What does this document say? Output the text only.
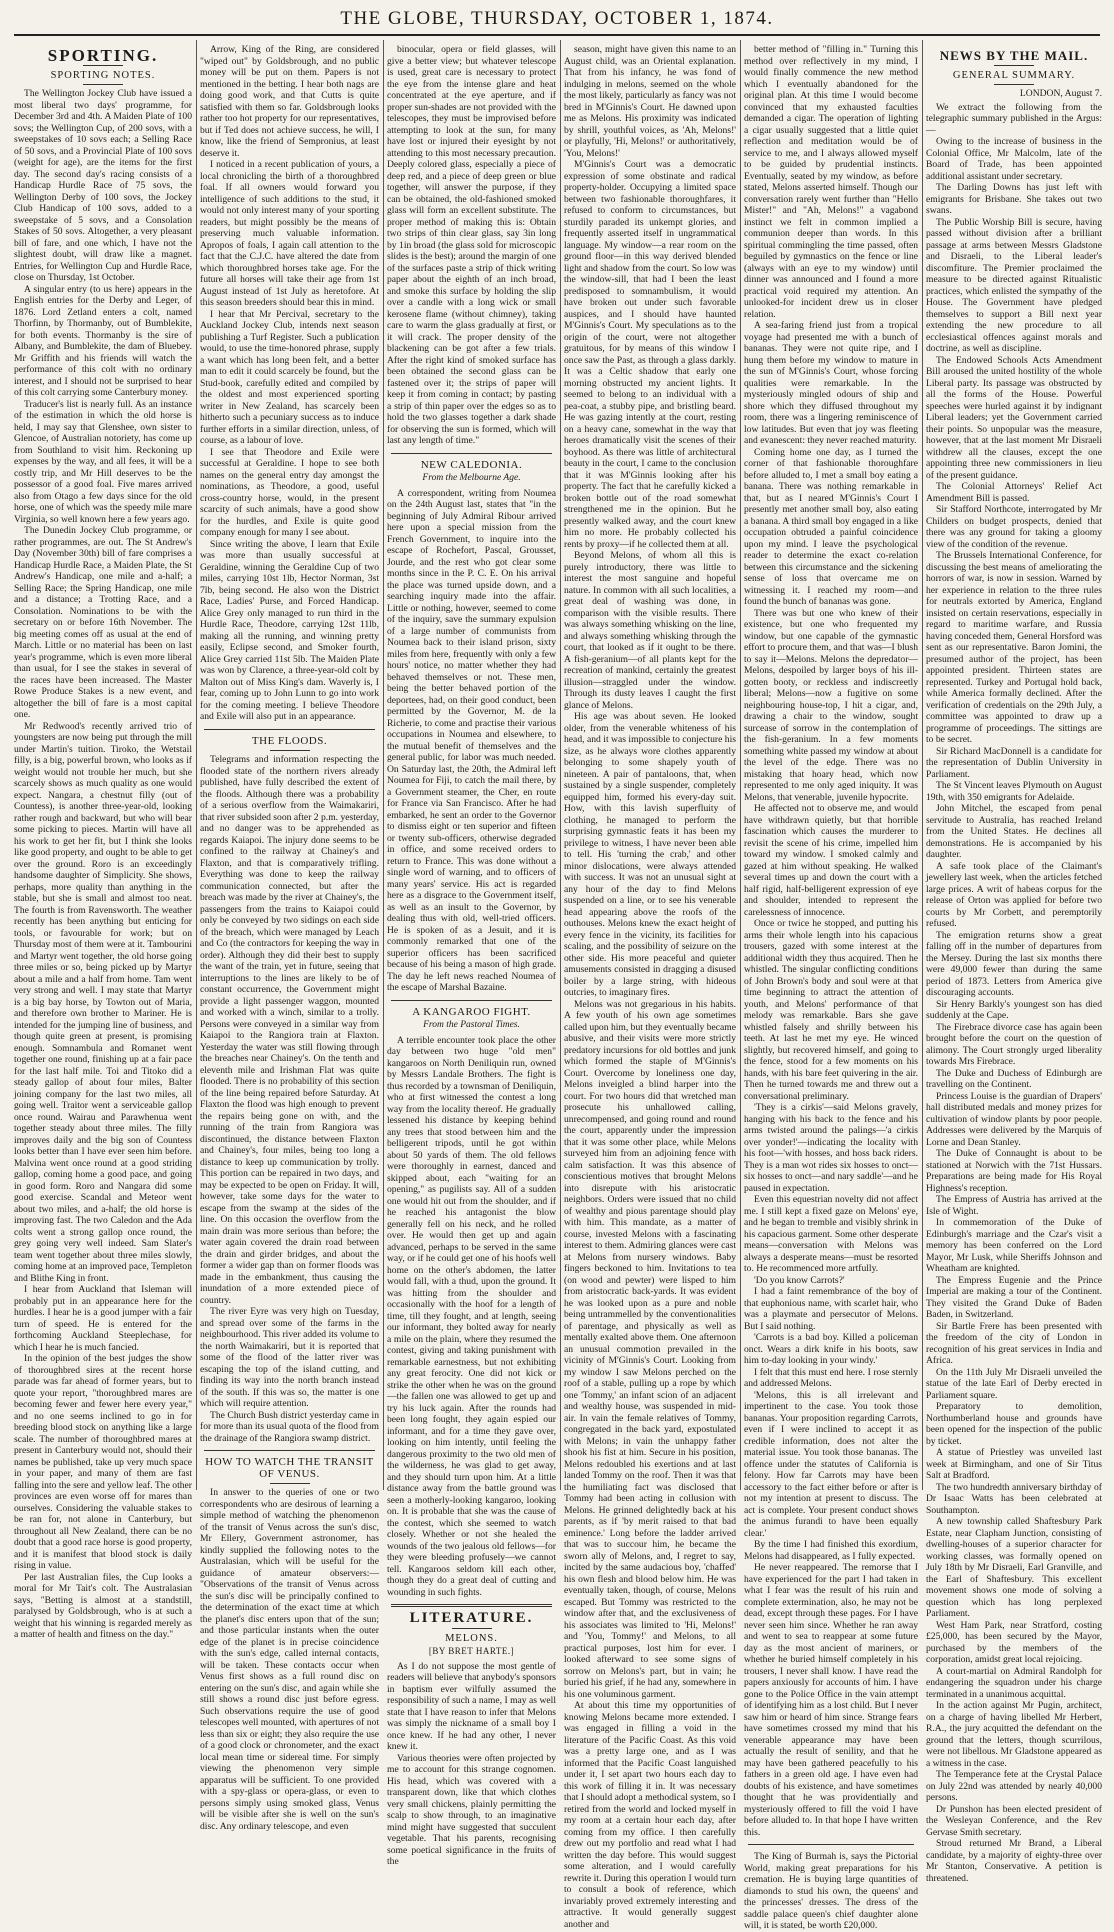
THE GLOBE, THURSDAY, OCTOBER 1, 1874.
SPORTING.
SPORTING NOTES.

The Wellington Jockey Club have issued a most liberal two days' programme, for December 3rd and 4th. A Maiden Plate of 100 sovs; the Wellington Cup, of 200 sovs, with a sweepstakes of 10 sovs each; a Selling Race of 50 sovs, and a Provincial Plate of 100 sovs (weight for age), are the items for the first day. The second day's racing consists of a Handicap Hurdle Race of 75 sovs, the Wellington Derby of 100 sovs, the Jockey Club Handicap of 100 sovs, added to a sweepstake of 5 sovs, and a Consolation Stakes of 50 sovs. Altogether, a very pleasant bill of fare, and one which, I have not the slightest doubt, will draw like a magnet. Entries, for Wellington Cup and Hurdle Race, close on Thursday, 1st October.

A singular entry (to us here) appears in the English entries for the Derby and Leger, of 1876. Lord Zetland enters a colt, named Thorfinn, by Thormanby, out of Bumblekite, for both events. Thormanby is the sire of Albany, and Bumblekite, the dam of Bluebey. Mr Griffith and his friends will watch the performance of this colt with no ordinary interest, and I should not be surprised to hear of this colt carrying some Canterbury money.

Traducer's list is nearly full. As an instance of the estimation in which the old horse is held, I may say that Glenshee, own sister to Glencoe, of Australian notoriety, has come up from Southland to visit him. Reckoning up expenses by the way, and all fees, it will be a costly trip, and Mr Hill deserves to be the possessor of a good foal. Five mares arrived also from Otago a few days since for the old horse, one of which was the speedy mile mare Virginia, so well known here a few years ago.

The Dunedin Jockey Club programme, or rather programmes, are out. The St Andrew's Day (November 30th) bill of fare comprises a Handicap Hurdle Race, a Maiden Plate, the St Andrew's Handicap, one mile and a-half; a Selling Race; the Spring Handicap, one mile and a distance; a Trotting Race, and a Consolation. Nominations to be with the secretary on or before 16th November. The big meeting comes off as usual at the end of March. Little or no material has been on last year's programme, which is even more liberal than usual, for I see the stakes in several of the races have been increased. The Master Rowe Produce Stakes is a new event, and altogether the bill of fare is a most capital one.

Mr Redwood's recently arrived trio of youngsters are now being put through the mill under Martin's tuition. Tiroko, the Wetstail filly, is a big, powerful brown, who looks as if weight would not trouble her much, but she scarcely shows as much quality as one would expect. Nangara, a chestnut filly (out of Countess), is another three-year-old, looking rather rough and backward, but who will bear some picking to pieces. Martin will have all his work to get her fit, but I think she looks like good property, and ought to be able to get over the ground. Roro is an exceedingly handsome daughter of Simplicity. She shows, perhaps, more quality than anything in the stable, but she is small and almost too neat. The fourth is from Ravensworth. The weather recently has been anything but enticing for tools, or favourable for work; but on Thursday most of them were at it. Tambourini and Martyr went together, the old horse going three miles or so, being picked up by Martyr about a mile and a half from home. Tam went very strong and well. I may state that Martyr is a big bay horse, by Towton out of Maria, and therefore own brother to Mariner. He is intended for the jumping line of business, and though quite green at present, is promising enough. Somnambula and Romanet went together one round, finishing up at a fair pace for the last half mile. Toi and Titoko did a steady gallop of about four miles, Balter joining company for the last two miles, all going well. Traitor went a serviceable gallop once round. Wairau and Parawhenua went together steady about three miles. The filly improves daily and the big son of Countess looks better than I have ever seen him before. Malvina went once round at a good striding gallop, coming home a good pace, and going in good form. Roro and Nangara did some good exercise. Scandal and Meteor went about two miles, and a-half; the old horse is improving fast. The two Caledon and the Ada colts went a strong gallop once round, the grey going very well indeed. Sam Slater's team went together about three miles slowly, coming home at an improved pace, Templeton and Blithe King in front.

I hear from Auckland that Isleman will probably put in an appearance here for the hurdles. I hear he is a good jumper with a fair turn of speed. He is entered for the forthcoming Auckland Steeplechase, for which I hear he is much fancied.

In the opinion of the best judges the show of thoroughbred sires at the recent horse parade was far ahead of former years, but to quote your report, "thoroughbred mares are becoming fewer and fewer here every year," and no one seems inclined to go in for breeding blood stock on anything like a large scale. The number of thoroughbred mares at present in Canterbury would not, should their names be published, take up very much space in your paper, and many of them are fast falling into the sere and yellow leaf. The other provinces are even worse off for mares than ourselves. Considering the valuable stakes to be ran for, not alone in Canterbury, but throughout all New Zealand, there can be no doubt that a good race horse is good property, and it is manifest that blood stock is daily rising in value.

Per last Australian files, the Cup looks a moral for Mr Tait's colt. The Australasian says, "Betting is almost at a standstill, paralysed by Goldsbrough, who is at such a weight that his winning is regarded merely as a matter of health and fitness on the day."

Arrow, King of the Ring, are considered "wiped out" by Goldsbrough, and no public money will be put on them. Papers is not mentioned in the betting. I hear both nags are doing good work, and that Cutts is quite satisfied with them so far. Goldsbrough looks rather too hot property for our representatives, but if Ted does not achieve success, he will, I know, like the friend of Sempronius, at least deserve it.

I noticed in a recent publication of yours, a local chronicling the birth of a thoroughbred foal. If all owners would forward you intelligence of such additions to the stud, it would not only interest many of your sporting readers, but might possibly be the means of preserving much valuable information. Apropos of foals, I again call attention to the fact that the C.J.C. have altered the date from which thoroughbred horses take age. For the future all horses will take their age from 1st August instead of 1st July as heretofore. At this season breeders should bear this in mind.

I hear that Mr Percival, secretary to the Auckland Jockey Club, intends next season publishing a Turf Register. Such a publication would, to use the time-honored phrase, supply a want which has long been felt, and a better man to edit it could scarcely be found, but the Stud-book, carefully edited and compiled by the oldest and most experienced sporting writer in New Zealand, has scarcely been hitherto such a pecuniary success as to induce further efforts in a similar direction, unless, of course, as a labour of love.

I see that Theodore and Exile were successful at Geraldine. I hope to see both names on the general entry day amongst the nominations, as Theodore, a good, useful cross-country horse, would, in the present scarcity of such animals, have a good show for the hurdles, and Exile is quite good company enough for many I see about.

Since writing the above, I learn that Exile was more than usually successful at Geraldine, winning the Geraldine Cup of two miles, carrying 10st 1lb, Hector Norman, 3st 7lb, being second. He also won the District Race, Ladies' Purse, and Forced Handicap. Alice Grey only managed to run third in the Hurdle Race, Theodore, carrying 12st 11lb, making all the running, and winning pretty easily, Eclipse second, and Smoker fourth, Alice Grey carried 11st 5lb. The Maiden Plate was won by Clarence, a three-year-old colt by Malton out of Miss King's dam. Waverly is, I fear, coming up to John Lunn to go into work for the coming meeting. I believe Theodore and Exile will also put in an appearance.

THE FLOODS.

Telegrams and information respecting the flooded state of the northern rivers already published, have fully described the extent of the floods. Although there was a probability of a serious overflow from the Waimakariri, that river subsided soon after 2 p.m. yesterday, and no danger was to be apprehended as regards Kaiapoi. The injury done seems to be confined to the railway at Chainey's and Flaxton, and that is comparatively trifling. Everything was done to keep the railway communication connected, but after the breach was made by the river at Chainey's, the passengers from the trains to Kaiapoi could only be conveyed by two sidings on each side of the breach, which were managed by Leach and Co (the contractors for keeping the way in order). Although they did their best to supply the want of the train, yet in future, seeing that interruptions to the lines are likely to be of constant occurrence, the Government might provide a light passenger waggon, mounted and worked with a winch, similar to a trolly. Persons were conveyed in a similar way from Kaiapoi to the Rangiora train at Flaxton. Yesterday the water was still flowing through the breaches near Chainey's. On the tenth and eleventh mile and Irishman Flat was quite flooded. There is no probability of this section of the line being repaired before Saturday. At Flaxton the flood was high enough to prevent the repairs being gone on with, and the running of the train from Rangiora was discontinued, the distance between Flaxton and Chainey's, four miles, being too long a distance to keep up communication by trolly. This portion can be repaired in two days, and may be expected to be open on Friday. It will, however, take some days for the water to escape from the swamp at the sides of the line. On this occasion the overflow from the main drain was more serious than before; the water again covered the drain road between the drain and girder bridges, and about the former a wider gap than on former floods was made in the embankment, thus causing the inundation of a more extended piece of country.

The river Eyre was very high on Tuesday, and spread over some of the farms in the neighbourhood. This river added its volume to the north Waimakariri, but it is reported that some of the flood of the latter river was escaping the top of the island cutting, and finding its way into the north branch instead of the south. If this was so, the matter is one which will require attention.

The Church Bush district yesterday came in for more than its usual quota of the flood from the drainage of the Rangiora swamp district.

HOW TO WATCH THE TRANSIT OF VENUS.

In answer to the queries of one or two correspondents who are desirous of learning a simple method of watching the phenomenon of the transit of Venus across the sun's disc, Mr Ellery, Government astronomer, has kindly supplied the following notes to the Australasian, which will be useful for the guidance of amateur observers:— "Observations of the transit of Venus across the sun's disc will be principally confined to the determination of the exact time at which the planet's disc enters upon that of the sun; and those particular instants when the outer edge of the planet is in precise coincidence with the sun's edge, called internal contacts, will be taken. These contacts occur when Venus first shows as a full round disc on entering on the sun's disc, and again while she still shows a round disc just before egress. Such observations require the use of good telescopes well mounted, with apertures of not less than six or eight; they also require the use of a good clock or chronometer, and the exact local mean time or sidereal time. For simply viewing the phenomenon very simple apparatus will be sufficient. To one provided with a spy-glass or opera-glass, or even to persons simply using smoked glass, Venus will be visible after she is well on the sun's disc. Any ordinary telescope, and even

binocular, opera or field glasses, will give a better view; but whatever telescope is used, great care is necessary to protect the eye from the intense glare and heat concentrated at the eye aperture, and if proper sun-shades are not provided with the telescopes, they must be improvised before attempting to look at the sun, for many have lost or injured their eyesight by not attending to this most necessary precaution. Deeply colored glass, especially a piece of deep red, and a piece of deep green or blue together, will answer the purpose, if they can be obtained, the old-fashioned smoked glass will form an excellent substitute. The proper method of making this is: Obtain two strips of thin clear glass, say 3in long by 1in broad (the glass sold for microscopic slides is the best); around the margin of one of the surfaces paste a strip of thick writing paper about the eighth of an inch broad, and smoke this surface by holding the slip over a candle with a long wick or small kerosene flame (without chimney), taking care to warm the glass gradually at first, or it will crack. The proper density of the blackening can be got after a few trials. After the right kind of smoked surface has been obtained the second glass can be fastened over it; the strips of paper will keep it from coming in contact; by pasting a strip of thin paper over the edges so as to hold the two glasses together a dark shade for observing the sun is formed, which will last any length of time."

NEW CALEDONIA.
From the Melbourne Age.

A correspondent, writing from Noumea on the 24th August last, states that "in the beginning of July Admiral Ribour arrived here upon a special mission from the French Government, to inquire into the escape of Rochefort, Pascal, Grousset, Jourde, and the rest who got clear some months since in the P. C. E. On his arrival the place was turned upside down, and a searching inquiry made into the affair. Little or nothing, however, seemed to come of the inquiry, save the summary expulsion of a large number of communists from Noumea back to their island prison, sixty miles from here, frequently with only a few hours' notice, no matter whether they had behaved themselves or not. These men, being the better behaved portion of the deportees, had, on their good conduct, been permitted by the Governor, M. de la Richerie, to come and practise their various occupations in Noumea and elsewhere, to the mutual benefit of themselves and the general public, for labor was much needed. On Saturday last, the 20th, the Admiral left Noumea for Fiji, to catch the mail there, by a Government steamer, the Cher, en route for France via San Francisco. After he had embarked, he sent an order to the Governor to dismiss eight or ten superior and fifteen or twenty sub-officers, otherwise degraded in office, and some received orders to return to France. This was done without a single word of warning, and to officers of many years' service. His act is regarded here as a disgrace to the Government itself, as well as an insult to the Governor, by dealing thus with old, well-tried officers. He is spoken of as a Jesuit, and it is commonly remarked that one of the superior officers has been sacrificed because of his being a mason of high grade. The day he left news reached Noumea of the escape of Marshal Bazaine.

A KANGAROO FIGHT.
From the Pastoral Times.

A terrible encounter took place the other day between two huge "old men" kangaroos on North Deniliquin run, owned by Messrs Landale Brothers. The fight is thus recorded by a townsman of Deniliquin, who at first witnessed the contest a long way from the locality thereof. He gradually lessened his distance by keeping behind any trees that stood between him and the belligerent tripods, until he got within about 50 yards of them. The old fellows were thoroughly in earnest, danced and skipped about, each "waiting for an opening," as pugilists say. All of a sudden one would hit out from the shoulder, and if he reached his antagonist the blow generally fell on his neck, and he rolled over. He would then get up and again advanced, perhaps to be served in the same way, or if he could get one of his hoofs well home on the other's abdomen, the latter would fall, with a thud, upon the ground. It was hitting from the shoulder and occasionally with the hoof for a length of time, till they fought, and at length, seeing our informant, they bolted away for nearly a mile on the plain, where they resumed the contest, giving and taking punishment with remarkable earnestness, but not exhibiting any great ferocity. One did not kick or strike the other when he was on the ground—the fallen one was allowed to get up and try his luck again. After the rounds had been long fought, they again espied our informant, and for a time they gave over, looking on him intently, until feeling the dangerous proximity to the two old men of the wilderness, he was glad to get away, and they should turn upon him. At a little distance away from the battle ground was seen a motherly-looking kangaroo, looking on. It is probable that she was the cause of the contest, which she seemed to watch closely. Whether or not she healed the wounds of the two jealous old fellows—for they were bleeding profusely—we cannot tell. Kangaroos seldom kill each other, though they do a great deal of cutting and wounding in such fights.

LITERATURE.
MELONS.
[BY BRET HARTE.]

As I do not suppose the most gentle of readers will believe that anybody's sponsors in baptism ever wilfully assumed the responsibility of such a name, I may as well state that I have reason to infer that Melons was simply the nickname of a small boy I once knew. If he had any other, I never knew it.

Various theories were often projected by me to account for this strange cognomen. His head, which was covered with a transparent down, like that which clothes very small chickens, plainly permitting the scalp to show through, to an imaginative mind might have suggested that succulent vegetable. That his parents, recognising some poetical significance in the fruits of the

season, might have given this name to an August child, was an Oriental explanation. That from his infancy, he was fond of indulging in melons, seemed on the whole the most likely, particularly as fancy was not bred in M'Ginnis's Court. He dawned upon me as Melons. His proximity was indicated by shrill, youthful voices, as 'Ah, Melons!' or playfully, 'Hi, Melons!' or authoritatively, 'You, Melons!'

M'Ginnis's Court was a democratic expression of some obstinate and radical property-holder. Occupying a limited space between two fashionable thoroughfares, it refused to conform to circumstances, but sturdily paraded its unkempt glories, and frequently asserted itself in ungrammatical language. My window—a rear room on the ground floor—in this way derived blended light and shadow from the court. So low was the window-sill, that had I been the least predisposed to somnambulism, it would have broken out under such favorable auspices, and I should have haunted M'Ginnis's Court. My speculations as to the origin of the court, were not altogether gratuitous, for by means of this window I once saw the Past, as through a glass darkly. It was a Celtic shadow that early one morning obstructed my ancient lights. It seemed to belong to an individual with a pea-coat, a stubby pipe, and bristling beard. He was gazing intently at the court, resting on a heavy cane, somewhat in the way that heroes dramatically visit the scenes of their boyhood. As there was little of architectural beauty in the court, I came to the conclusion that it was M'Ginnis looking after his property. The fact that he carefully kicked a broken bottle out of the road somewhat strengthened me in the opinion. But he presently walked away, and the court knew him no more. He probably collected his rents by proxy—if he collected them at all.

Beyond Melons, of whom all this is purely introductory, there was little to interest the most sanguine and hopeful nature. In common with all such localities, a great deal of washing was done, in comparison with the visible results. There was always something whisking on the line, and always something whisking through the court, that looked as if it ought to be there. A fish-geranium—of all plants kept for the recreation of mankind, certainly the greatest illusion—straggled under the window. Through its dusty leaves I caught the first glance of Melons.

His age was about seven. He looked older, from the venerable whiteness of his head, and it was impossible to conjecture his size, as he always wore clothes apparently belonging to some shapely youth of nineteen. A pair of pantaloons, that, when sustained by a single suspender, completely equipped him, formed his every-day suit. How, with this lavish superfluity of clothing, he managed to perform the surprising gymnastic feats it has been my privilege to witness, I have never been able to tell. His 'turning the crab,' and other minor dislocations, were always attended with success. It was not an unusual sight at any hour of the day to find Melons suspended on a line, or to see his venerable head appearing above the roofs of the outhouses. Melons knew the exact height of every fence in the vicinity, its facilities for scaling, and the possibility of seizure on the other side. His more peaceful and quieter amusements consisted in dragging a disused boiler by a large string, with hideous outcries, to imaginary fires.

Melons was not gregarious in his habits. A few youth of his own age sometimes called upon him, but they eventually became abusive, and their visits were more strictly predatory incursions for old bottles and junk which formed the staple of M'Ginnis's Court. Overcome by loneliness one day, Melons inveigled a blind harper into the court. For two hours did that wretched man prosecute his unhallowed calling, unrecompensed, and going round and round the court, apparently under the impression that it was some other place, while Melons surveyed him from an adjoining fence with calm satisfaction. It was this absence of conscientious motives that brought Melons into disrepute with his aristocratic neighbors. Orders were issued that no child of wealthy and pious parentage should play with him. This mandate, as a matter of course, invested Melons with a fascinating interest to them. Admiring glances were cast at Melons from nursery windows. Baby fingers beckoned to him. Invitations to tea (on wood and pewter) were lisped to him from aristocratic back-yards. It was evident he was looked upon as a pure and noble being untrammelled by the conventionalities of parentage, and physically as well as mentally exalted above them. One afternoon an unusual commotion prevailed in the vicinity of M'Ginnis's Court. Looking from my window I saw Melons perched on the roof of a stable, pulling up a rope by which one 'Tommy,' an infant scion of an adjacent and wealthy house, was suspended in mid-air. In vain the female relatives of Tommy, congregated in the back yard, expostulated with Melons; in vain the unhappy father shook his fist at him. Secure in his position, Melons redoubled his exertions and at last landed Tommy on the roof. Then it was that the humiliating fact was disclosed that Tommy had been acting in collusion with Melons. He grinned delightedly back at his parents, as if 'by merit raised to that bad eminence.' Long before the ladder arrived that was to succour him, he became the sworn ally of Melons, and, I regret to say, incited by the same audacious boy, 'chaffed' his own flesh and blood below him. He was eventually taken, though, of course, Melons escaped. But Tommy was restricted to the window after that, and the exclusiveness of his associates was limited to 'Hi, Melons!' and 'You, Tommy!' and Melons, to all practical purposes, lost him for ever. I looked afterward to see some signs of sorrow on Melons's part, but in vain; he buried his grief, if he had any, somewhere in his one voluminous garment.

At about this time my opportunities of knowing Melons became more extended. I was engaged in filling a void in the literature of the Pacific Coast. As this void was a pretty large one, and as I was informed that the Pacific Coast languished under it, I set apart two hours each day to this work of filling it in. It was necessary that I should adopt a methodical system, so I retired from the world and locked myself in my room at a certain hour each day, after coming from my office. I then carefully drew out my portfolio and read what I had written the day before. This would suggest some alteration, and I would carefully rewrite it. During this operation I would turn to consult a book of reference, which invariably proved extremely interesting and attractive. It would generally suggest another and

better method of "filling in." Turning this method over reflectively in my mind, I would finally commence the new method which I eventually abandoned for the original plan. At this time I would become convinced that my exhausted faculties demanded a cigar. The operation of lighting a cigar usually suggested that a little quiet reflection and meditation would be of service to me, and I always allowed myself to be guided by prudential instincts. Eventually, seated by my window, as before stated, Melons asserted himself. Though our conversation rarely went further than "Hello Mister!" and "Ah, Melons!" a vagabond instinct we felt in common implied a communion deeper than words. In this spiritual commingling the time passed, often beguiled by gymnastics on the fence or line (always with an eye to my window) until dinner was announced and I found a more practical void required my attention. An unlooked-for incident drew us in closer relation.

A sea-faring friend just from a tropical voyage had presented me with a bunch of bananas. They were not quite ripe, and I hung them before my window to mature in the sun of M'Ginnis's Court, whose forcing qualities were remarkable. In the mysteriously mingled odours of ship and shore which they diffused throughout my room, there was a lingering reminiscence of low latitudes. But even that joy was fleeting and evanescent: they never reached maturity.

Coming home one day, as I turned the corner of that fashionable thoroughfare before alluded to, I met a small boy eating a banana. There was nothing remarkable in that, but as I neared M'Ginnis's Court I presently met another small boy, also eating a banana. A third small boy engaged in a like occupation obtruded a painful coincidence upon my mind. I leave the psychological reader to determine the exact co-relation between this circumstance and the sickening sense of loss that overcame me on witnessing it. I reached my room—and found the bunch of bananas was gone.

There was but one who knew of their existence, but one who frequented my window, but one capable of the gymnastic effort to procure them, and that was—I blush to say it—Melons. Melons the depredator—Melons, despoiled by larger boys of his ill-gotten booty, or reckless and indiscreetly liberal; Melons—now a fugitive on some neighbouring house-top, I hit a cigar, and, drawing a chair to the window, sought surcease of sorrow in the contemplation of the fish-geranium. In a few moments something white passed my window at about the level of the edge. There was no mistaking that hoary head, which now represented to me only aged iniquity. It was Melons, that venerable, juvenile hypocrite.

He affected not to observe me, and would have withdrawn quietly, but that horrible fascination which causes the murderer to revisit the scene of his crime, impelled him toward my window. I smoked calmly and gazed at him without speaking. He walked several times up and down the court with a half rigid, half-belligerent expression of eye and shoulder, intended to represent the carelessness of innocence.

Once or twice he stopped, and putting his arms their whole length into his capacious trousers, gazed with some interest at the additional width they thus acquired. Then he whistled. The singular conflicting conditions of John Brown's body and soul were at that time beginning to attract the attention of youth, and Melons' performance of that melody was remarkable. Bars she gave whistled falsely and shrilly between his teeth. At last he met my eye. He winced slightly, but recovered himself, and going to the fence, stood for a few moments on his hands, with his bare feet quivering in the air. Then he turned towards me and threw out a conversational preliminary.

'They is a cirkis'—said Melons gravely, hanging with his back to the fence and his arms twisted around the palings—'a cirkis over yonder!'—indicating the locality with his foot—'with hosses, and hoss back riders. They is a man wot rides six hosses to onct—six hosses to onct—and nary saddle'—and he paused in expectation.

Even this equestrian novelty did not affect me. I still kept a fixed gaze on Melons' eye, and he began to tremble and visibly shrink in his capacious garment. Some other desperate means—conversation with Melons was always a desperate means—must be resorted to. He recommenced more artfully.

'Do you know Carrots?'

I had a faint remembrance of the boy of that euphonious name, with scarlet hair, who was a playmate and persecutor of Melons. But I said nothing.

'Carrots is a bad boy. Killed a policeman onct. Wears a dirk knife in his boots, saw him to-day looking in your windy.'

I felt that this must end here. I rose sternly and addressed Melons.

'Melons, this is all irrelevant and impertinent to the case. You took those bananas. Your proposition regarding Carrots, even if I were inclined to accept it as credible information, does not alter the material issue. You took those bananas. The offence under the statutes of California is felony. How far Carrots may have been accessory to the fact either before or after is not my intention at present to discuss. The act is complete. Your present conduct shows the animus furandi to have been equally clear.'

By the time I had finished this exordium, Melons had disappeared, as I fully expected.

He never reappeared. The remorse that I have experienced for the part I had taken in what I fear was the result of his ruin and complete extermination, also, he may not be dead, except through these pages. For I have never seen him since. Whether he ran away and went to sea to reappear at some future day as the most ancient of mariners, or whether he buried himself completely in his trousers, I never shall know. I have read the papers anxiously for accounts of him. I have gone to the Police Office in the vain attempt of identifying him as a lost child. But I never saw him or heard of him since. Strange fears have sometimes crossed my mind that his venerable appearance may have been actually the result of senility, and that he may have been gathered peacefully to his fathers in a green old age. I have even had doubts of his existence, and have sometimes thought that he was providentially and mysteriously offered to fill the void I have before alluded to. In that hope I have written this.

The King of Burmah is, says the Pictorial World, making great preparations for his cremation. He is buying large quantities of diamonds to stud his own, the queens' and the princesses' dresses. The dress of the saddle palace queen's chief daughter alone will, it is stated, be worth £20,000.

NEWS BY THE MAIL.
GENERAL SUMMARY.
LONDON, August 7.

We extract the following from the telegraphic summary published in the Argus:—

Owing to the increase of business in the Colonial Office, Mr Malcolm, late of the Board of Trade, has been appointed additional assistant under secretary.

The Darling Downs has just left with emigrants for Brisbane. She takes out two swans.

The Public Worship Bill is secure, having passed without division after a brilliant passage at arms between Messrs Gladstone and Disraeli, to the Liberal leader's discomfiture. The Premier proclaimed the measure to be directed against Ritualistic practices, which enlisted the sympathy of the House. The Government have pledged themselves to support a Bill next year extending the new procedure to all ecclesiastical offences against morals and doctrine, as well as discipline.

The Endowed Schools Acts Amendment Bill aroused the united hostility of the whole Liberal party. Its passage was obstructed by all the forms of the House. Powerful speeches were hurled against it by indignant Liberal leaders; yet the Government carried their points. So unpopular was the measure, however, that at the last moment Mr Disraeli withdrew all the clauses, except the one appointing three new commissioners in lieu of the present guidance.

The Colonial Attorneys' Relief Act Amendment Bill is passed.

Sir Stafford Northcote, interrogated by Mr Childers on budget prospects, denied that there was any ground for taking a gloomy view of the condition of the revenue.

The Brussels International Conference, for discussing the best means of ameliorating the horrors of war, is now in session. Warned by her experience in relation to the three rules for neutrals extorted by America, England insisted on certain reservations, especially in regard to maritime warfare, and Russia having conceded them, General Horsford was sent as our representative. Baron Jomini, the presumed author of the project, has been appointed president. Thirteen states are represented. Turkey and Portugal hold back, while America formally declined. After the verification of credentials on the 29th July, a committee was appointed to draw up a programme of proceedings. The sittings are to be secret.

Sir Richard MacDonnell is a candidate for the representation of Dublin University in Parliament.

The St Vincent leaves Plymouth on August 19th, with 350 emigrants for Adelaide.

John Mitchel, the escaped from penal servitude to Australia, has reached Ireland from the United States. He declines all demonstrations. He is accompanied by his daughter.

A safe took place of the Claimant's jewellery last week, when the articles fetched large prices. A writ of habeas corpus for the release of Orton was applied for before two courts by Mr Corbett, and peremptorily refused.

The emigration returns show a great falling off in the number of departures from the Mersey. During the last six months there were 49,000 fewer than during the same period of 1873. Letters from America give discouraging accounts.

Sir Henry Barkly's youngest son has died suddenly at the Cape.

The Firebrace divorce case has again been brought before the court on the question of alimony. The Court strongly urged liberality towards Mrs Firebrace.

The Duke and Duchess of Edinburgh are travelling on the Continent.

Princess Louise is the guardian of Drapers' hall distributed medals and money prizes for cultivation of window plants by poor people. Addresses were delivered by the Marquis of Lorne and Dean Stanley.

The Duke of Connaught is about to be stationed at Norwich with the 71st Hussars. Preparations are being made for His Royal Highness's reception.

The Empress of Austria has arrived at the Isle of Wight.

In commemoration of the Duke of Edinburgh's marriage and the Czar's visit a memory has been conferred on the Lord Mayor, Mr Lusk, while Sheriffs Johnson and Wheatham are knighted.

The Empress Eugenie and the Prince Imperial are making a tour of the Continent. They visited the Grand Duke of Baden Baden, in Switzerland.

Sir Bartle Frere has been presented with the freedom of the city of London in recognition of his great services in India and Africa.

On the 11th July Mr Disraeli unveiled the statue of the late Earl of Derby erected in Parliament square.

Preparatory to demolition, Northumberland house and grounds have been opened for the inspection of the public by ticket.

A statue of Priestley was unveiled last week at Birmingham, and one of Sir Titus Salt at Bradford.

The two hundredth anniversary birthday of Dr Isaac Watts has been celebrated at Southampton.

A new township called Shaftesbury Park Estate, near Clapham Junction, consisting of dwelling-houses of a superior character for working classes, was formally opened on July 18th by Mr Disraeli, Earl Granville, and the Earl of Shaftesbury. This excellent movement shows one mode of solving a question which has long perplexed Parliament.

West Ham Park, near Stratford, costing £25,000, has been secured by the Mayor, purchased by the members of the corporation, amidst great local rejoicing.

A court-martial on Admiral Randolph for endangering the squadron under his charge terminated in a unanimous acquittal.

In the action against Mr Pugin, architect, on a charge of having libelled Mr Herbert, R.A., the jury acquitted the defendant on the ground that the letters, though scurrilous, were not libellous. Mr Gladstone appeared as a witness in the case.

The Temperance fete at the Crystal Palace on July 22nd was attended by nearly 40,000 persons.

Dr Punshon has been elected president of the Wesleyan Conference, and the Rev Gervase Smith secretary.

Stroud returned Mr Brand, a Liberal candidate, by a majority of eighty-three over Mr Stanton, Conservative. A petition is threatened.
